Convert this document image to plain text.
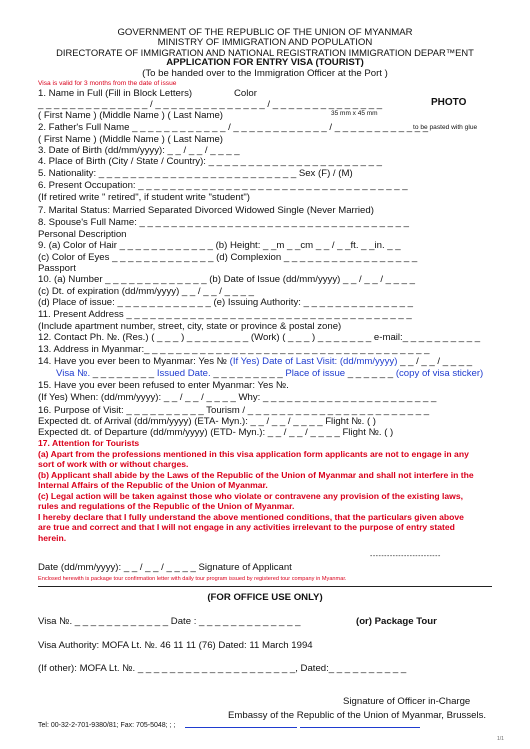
GOVERNMENT OF THE REPUBLIC OF THE UNION OF MYANMAR
MINISTRY OF IMMIGRATION AND POPULATION
DIRECTORATE OF IMMIGRATION AND NATIONAL REGISTRATION IMMIGRATION DEPAR™ENT
APPLICATION FOR ENTRY VISA (TOURIST)
(To be handed over to the Immigration Officer at the Port )
Visa is valid for 3 months from the date of issue
1. Name in Full (Fill in Block Letters)	Color
PHOTO
_ _ _ _ _ _ _ _ _ _ _ _ _ _ / _ _ _ _ _ _ _ _ _ _ _ _ _ _ / _ _ _ _ _ _ _ _ _ _ _ _ _ _
( First Name ) (Middle Name ) ( Last Name)	35 mm x 45 mm
2. Father's Full Name _ _ _ _ _ _ _ _ _ _ _ _ / _ _ _ _ _ _ _ _ _ _ _ _ / _ _ _ _ _ _ _ _ _ _ _ _
to be pasted with glue
( First Name ) (Middle Name ) ( Last Name)
3. Date of Birth (dd/mm/yyyy): _ _ / _ _ / _ _ _ _
4. Place of Birth (City / State / Country): _ _ _ _ _ _ _ _ _ _ _ _ _ _ _ _ _ _ _ _ _ _
5. Nationality: _ _ _ _ _ _ _ _ _ _ _ _ _ _ _ _ _ _ _ _ _ _ _ _ _ Sex (F) / (M)
6. Present Occupation: _ _ _ _ _ _ _ _ _ _ _ _ _ _ _ _ _ _ _ _ _ _ _ _ _ _ _ _ _ _ _ _ _ _
(If retired write " retired", if student write "student")
7. Marital Status: Married Separated Divorced Widowed Single (Never Married)
8. Spouse's Full Name: _ _ _ _ _ _ _ _ _ _ _ _ _ _ _ _ _ _ _ _ _ _ _ _ _ _ _ _ _ _ _ _ _ _
Personal Description
9. (a) Color of Hair _ _ _ _ _ _ _ _ _ _ _ _ (b) Height: _ _m _ _cm _ _ / _ _ft. _ _in. _ _
(c) Color of Eyes _ _ _ _ _ _ _ _ _ _ _ _ _ (d) Complexion _ _ _ _ _ _ _ _ _ _ _ _ _ _ _ _ _
Passport
10. (a) Number _ _ _ _ _ _ _ _ _ _ _ _ _ (b) Date of Issue (dd/mm/yyyy) _ _ / _ _ / _ _ _ _
(c) Dt. of expiration (dd/mm/yyyy) _ _ / _ _ / _ _ _ _
(d) Place of issue: _ _ _ _ _ _ _ _ _ _ _ _ (e) Issuing Authority: _ _ _ _ _ _ _ _ _ _ _ _ _ _
11. Present Address _ _ _ _ _ _ _ _ _ _ _ _ _ _ _ _ _ _ _ _ _ _ _ _ _ _ _ _ _ _ _ _ _ _ _ _
(Include apartment number, street, city, state or province & postal zone)
12. Contact Ph. №. (Res.) ( _ _ _ ) _ _ _ _ _ _ _ _ (Work) ( _ _ _ ) _ _ _ _ _ _ _ e-mail:_ _ _ _ _ _ _ _ _ _
13. Address in Myanmar:_ _ _ _ _ _ _ _ _ _ _ _ _ _ _ _ _ _ _ _ _ _ _ _ _ _ _ _ _ _ _ _ _ _ _ _
14. Have you ever been to Myanmar: Yes № (If Yes) Date of Last Visit: (dd/mm/yyyy) _ _ / _ _ / _ _ _ _
Visa №. _ _ _ _ _ _ _ _ Issued Date. _ _ _ _ _ _ _ _ _ Place of issue _ _ _ _ _ _ (copy of visa sticker)
15. Have you ever been refused to enter Myanmar: Yes №.
(If Yes) When: (dd/mm/yyyy): _ _ / _ _ / _ _ _ _ Why: _ _ _ _ _ _ _ _ _ _ _ _ _ _ _ _ _ _ _ _ _ _
16. Purpose of Visit: _ _ _ _ _ _ _ _ _ _ Tourism / _ _ _ _ _ _ _ _ _ _ _ _ _ _ _ _ _ _ _ _ _ _ _
Expected dt. of Arrival (dd/mm/yyyy) (ETA- Myn.): _ _ / _ _ / _ _ _ _ Flight №. ( )
Expected dt. of Departure (dd/mm/yyyy) (ETD- Myn.): _ _ / _ _ / _ _ _ _ Flight №. ( )
17. Attention for Tourists
(a) Apart from the professions mentioned in this visa application form applicants are not to engage in any
sort of work with or without charges.
(b) Applicant shall abide by the Laws of the Republic of the Union of Myanmar and shall not interfere in the
Internal Affairs of the Republic of the Union of Myanmar.
(c) Legal action will be taken against those who violate or contravene any provision of the existing laws,
rules and regulations of the Republic of the Union of Myanmar.
I hereby declare that I fully understand the above mentioned conditions, that the particulars given above
are true and correct and that I will not engage in any activities irrelevant to the purpose of entry stated
herein.
-------------------------
Date (dd/mm/yyyy): _ _ / _ _ / _ _ _ _ Signature of Applicant
Enclosed herewith is package tour confirmation letter with daily tour program issued by registered tour company in Myanmar.
(FOR OFFICE USE ONLY)
Visa №. _ _ _ _ _ _ _ _ _ _ _ _ Date : _ _ _ _ _ _ _ _ _ _ _ _ _	(or) Package Tour
Visa Authority: MOFA Lt. №. 46 11 11 (76) Dated: 11 March 1994
(If other): MOFA Lt. №. _ _ _ _ _ _ _ _ _ _ _ _ _ _ _ _ _ _ _ _, Dated:_ _ _ _ _ _ _ _ _ _
Signature of Officer in-Charge
Embassy of the Republic of the Union of Myanmar, Brussels.
Tel: 00-32-2-701-9380/81; Fax: 705-5048; ; ;
1/1
